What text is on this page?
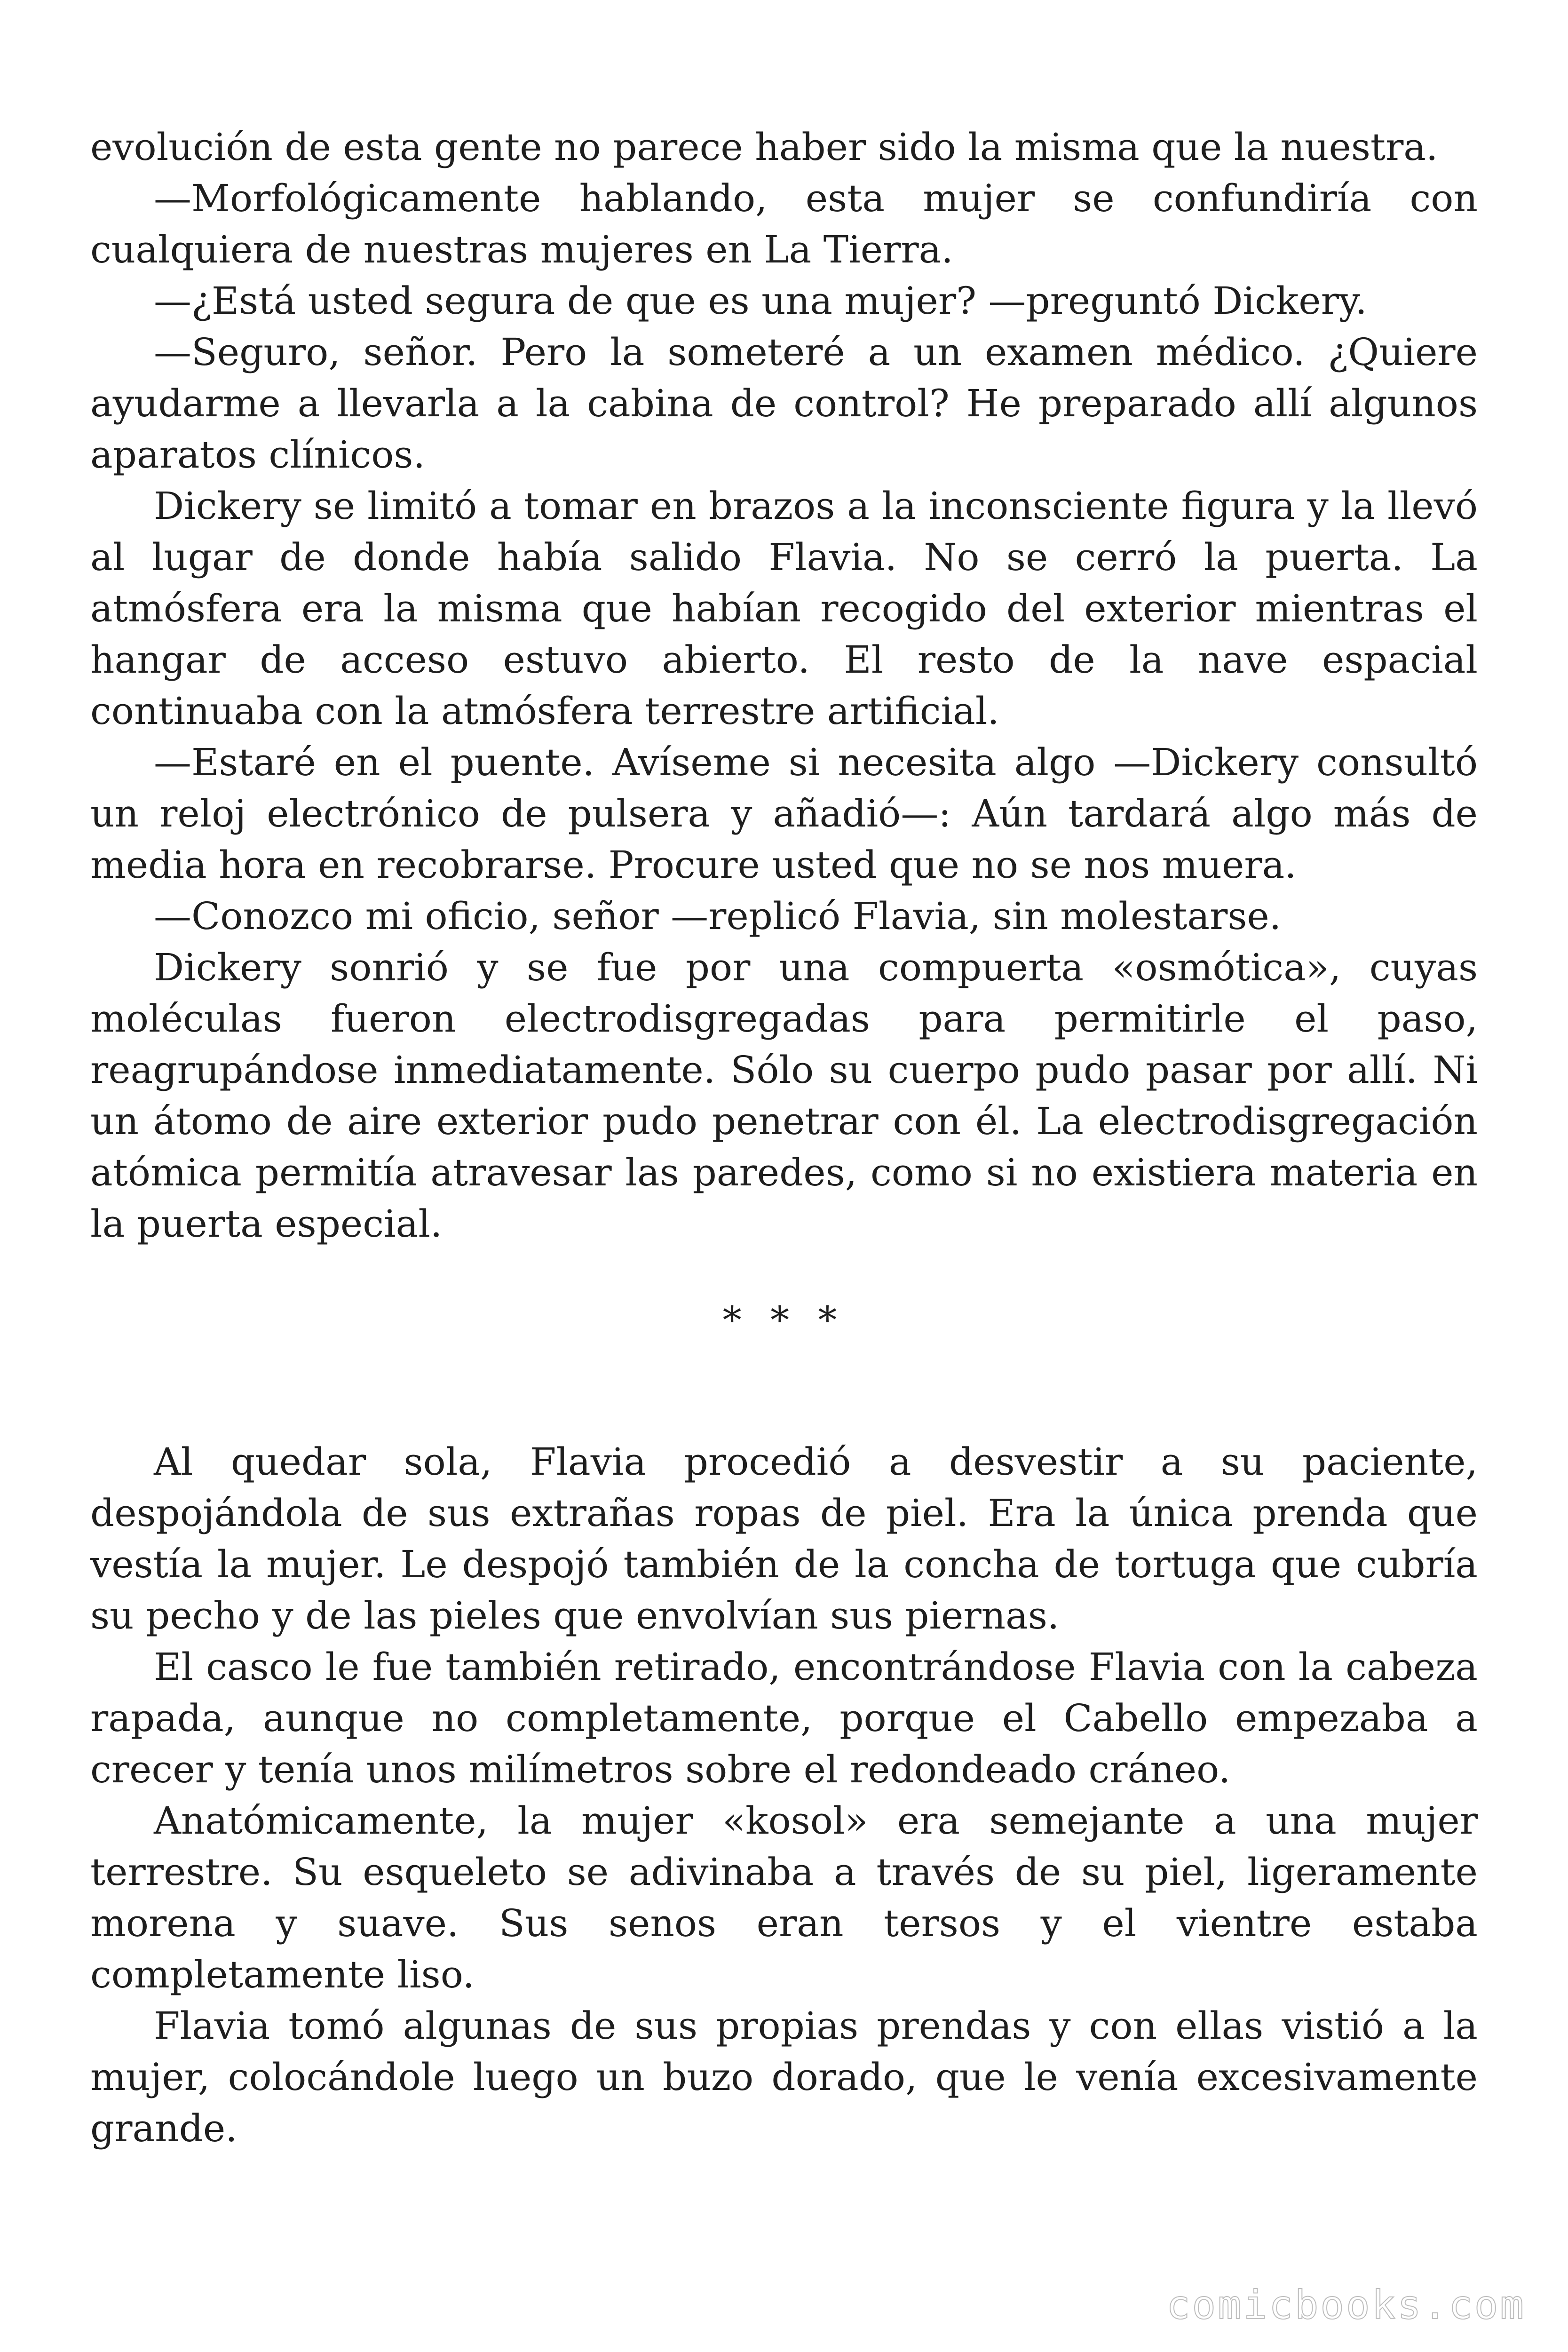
evolución de esta gente no parece haber sido la misma que la nuestra.

—Morfológicamente hablando, esta mujer se confundiría con cualquiera de nuestras mujeres en La Tierra.

—¿Está usted segura de que es una mujer? —preguntó Dickery.

—Seguro, señor. Pero la someteré a un examen médico. ¿Quiere ayudarme a llevarla a la cabina de control? He preparado allí algunos aparatos clínicos.

Dickery se limitó a tomar en brazos a la inconsciente figura y la llevó al lugar de donde había salido Flavia. No se cerró la puerta. La atmósfera era la misma que habían recogido del exterior mientras el hangar de acceso estuvo abierto. El resto de la nave espacial continuaba con la atmósfera terrestre artificial.

—Estaré en el puente. Avíseme si necesita algo —Dickery consultó un reloj electrónico de pulsera y añadió—: Aún tardará algo más de media hora en recobrarse. Procure usted que no se nos muera.

—Conozco mi oficio, señor —replicó Flavia, sin molestarse.

Dickery sonrió y se fue por una compuerta «osmótica», cuyas moléculas fueron electrodisgregadas para permitirle el paso, reagrupándose inmediatamente. Sólo su cuerpo pudo pasar por allí. Ni un átomo de aire exterior pudo penetrar con él. La electrodisgregación atómica permitía atravesar las paredes, como si no existiera materia en la puerta especial.

* * *

Al quedar sola, Flavia procedió a desvestir a su paciente, despojándola de sus extrañas ropas de piel. Era la única prenda que vestía la mujer. Le despojó también de la concha de tortuga que cubría su pecho y de las pieles que envolvían sus piernas.

El casco le fue también retirado, encontrándose Flavia con la cabeza rapada, aunque no completamente, porque el Cabello empezaba a crecer y tenía unos milímetros sobre el redondeado cráneo.

Anatómicamente, la mujer «kosol» era semejante a una mujer terrestre. Su esqueleto se adivinaba a través de su piel, ligeramente morena y suave. Sus senos eran tersos y el vientre estaba completamente liso.

Flavia tomó algunas de sus propias prendas y con ellas vistió a la mujer, colocándole luego un buzo dorado, que le venía excesivamente grande.

comicbooks.com
